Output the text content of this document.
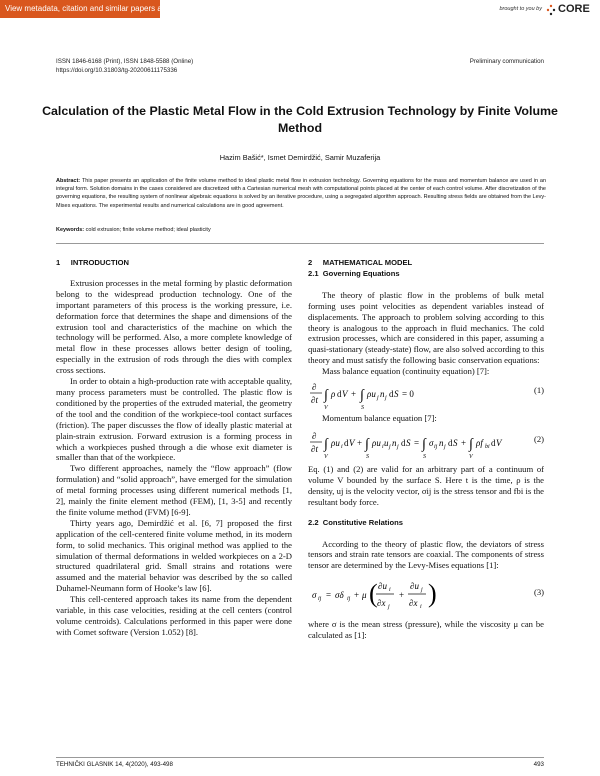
View metadata, citation and similar papers at core.ac.uk	brought to you by CORE
ISSN 1846-6168 (Print), ISSN 1848-5588 (Online)
https://doi.org/10.31803/tg-20200611175336
Preliminary communication
Calculation of the Plastic Metal Flow in the Cold Extrusion Technology by Finite Volume Method
Hazim Bašić*, Ismet Demirdžić, Samir Muzaferija
Abstract: This paper presents an application of the finite volume method to ideal plastic metal flow in extrusion technology. Governing equations for the mass and momentum balance are used in an integral form. Solution domains in the cases considered are discretized with a Cartesian numerical mesh with computational points placed at the center of each control volume. After discretization of the governing equations, the resulting system of nonlinear algebraic equations is solved by an iterative procedure, using a segregated algorithm approach. Resulting stress fields are obtained from the Levy-Mises equations. The experimental results and numerical calculations are in good agreement.
Keywords: cold extrusion; finite volume method; ideal plasticity
1     INTRODUCTION

Extrusion processes in the metal forming by plastic deformation belong to the widespread production technology. One of the important parameters of this process is the working pressure, i.e. deformation force that determines the shape and dimensions of the extrusion tool and characteristics of the machine on which the technology will be performed. Also, a more complete knowledge of metal flow in these processes allows better design of tooling, especially in the extrusion of rods through the dies with complex cross sections.

In order to obtain a high-production rate with acceptable quality, many process parameters must be controlled. The plastic flow is conditioned by the properties of the extruded material, the geometry of the tool and the condition of the workpiece-tool contact surfaces (friction). The paper discusses the flow of ideally plastic material at plain-strain extrusion. Forward extrusion is a forming process in which a workpieces pushed through a die whose exit diameter is smaller than that of the workpiece.

Two different approaches, namely the “flow approach” (flow formulation) and “solid approach”, have emerged for the simulation of metal forming processes using different numerical methods [1, 2], mainly the finite element method (FEM), [1, 3-5] and recently the finite volume method (FVM) [6-9].

Thirty years ago, Demirdžić et al. [6, 7] proposed the first application of the cell-centered finite volume method, in its modern form, to solid mechanics. This original method was applied to the simulation of thermal deformations in welded workpieces on a 2-D structured quadrilateral grid. Small strains and rotations were assumed and the material behavior was described by the so called Duhamel-Neumann form of Hooke’s law [6].

This cell-centered approach takes its name from the dependent variable, in this case velocities, residing at the cell centers (control volume centroids). Calculations performed in this paper were done with Comet software (Version 1.052) [8].

2     MATHEMATICAL MODEL
2.1  Governing Equations

The theory of plastic flow in the problems of bulk metal forming uses point velocities as dependent variables instead of displacements. The approach to problem solving according to this theory is analogous to the approach in fluid mechanics. The cold extrusion processes, which are considered in this paper, assuming a quasi-stationary (steady-state) flow, are also solved according to this theory and must satisfy the following basic conservation equations:

Mass balance equation (continuity equation) [7]:

∂
∂t ∫
V
ρ d V + ∫
S
ρu j n j d S = 0	(1)

Momentum balance equation [7]:

∂
∂t ∫
V
ρu i d V + ∫
S
ρu i u j n j d S = ∫
S
σ ij n j d S + ∫
V
ρf bi d V	(2)

Eq. (1) and (2) are valid for an arbitrary part of a continuum of volume V bounded by the surface S. Here t is the time, ρ is the density, uj is the velocity vector, σij is the stress tensor and fbi is the resultant body force.

2.2  Constitutive Relations

According to the theory of plastic flow, the deviators of stress tensors and strain rate tensors are coaxial. The components of stress tensor are determined by the Levy-Mises equations [1]:

σ ij = σδ ij + μ ( ∂u i
∂x j
+
∂u j
∂x i )	(3)

where σ is the mean stress (pressure), while the viscosity μ can be calculated as [1]:

TEHNIČKI GLASNIK 14, 4(2020), 493-498	493
